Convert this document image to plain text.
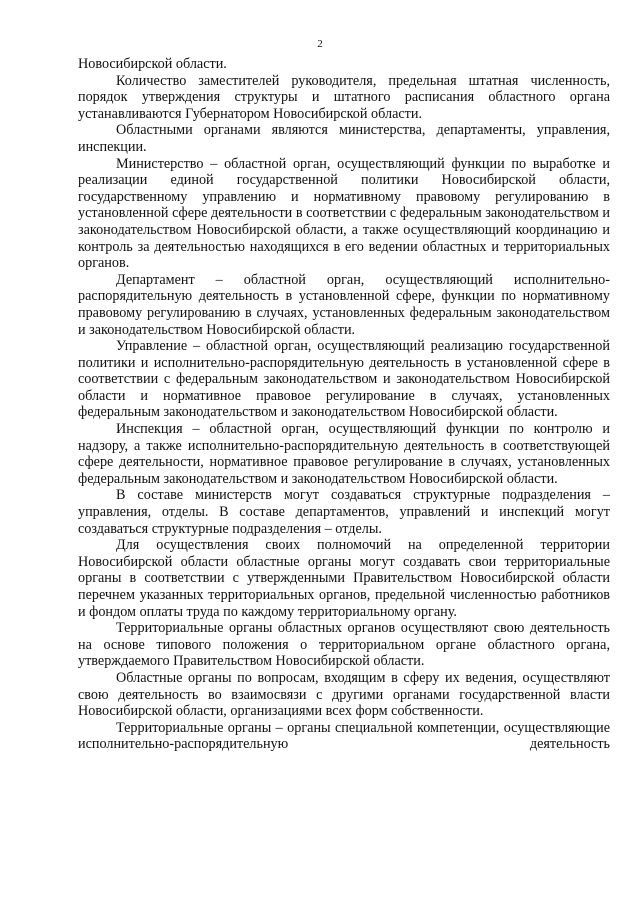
2

Новосибирской области.

Количество заместителей руководителя, предельная штатная численность, порядок утверждения структуры и штатного расписания областного органа устанавливаются Губернатором Новосибирской области.

Областными органами являются министерства, департаменты, управления, инспекции.

Министерство – областной орган, осуществляющий функции по выработке и реализации единой государственной политики Новосибирской области, государственному управлению и нормативному правовому регулированию в установленной сфере деятельности в соответствии с федеральным законодательством и законодательством Новосибирской области, а также осуществляющий координацию и контроль за деятельностью находящихся в его ведении областных и территориальных органов.

Департамент – областной орган, осуществляющий исполнительно-распорядительную деятельность в установленной сфере, функции по нормативному правовому регулированию в случаях, установленных федеральным законодательством и законодательством Новосибирской области.

Управление – областной орган, осуществляющий реализацию государственной политики и исполнительно-распорядительную деятельность в установленной сфере в соответствии с федеральным законодательством и законодательством Новосибирской области и нормативное правовое регулирование в случаях, установленных федеральным законодательством и законодательством Новосибирской области.

Инспекция – областной орган, осуществляющий функции по контролю и надзору, а также исполнительно-распорядительную деятельность в соответствующей сфере деятельности, нормативное правовое регулирование в случаях, установленных федеральным законодательством и законодательством Новосибирской области.

В составе министерств могут создаваться структурные подразделения – управления, отделы. В составе департаментов, управлений и инспекций могут создаваться структурные подразделения – отделы.

Для осуществления своих полномочий на определенной территории Новосибирской области областные органы могут создавать свои территориальные органы в соответствии с утвержденными Правительством Новосибирской области перечнем указанных территориальных органов, предельной численностью работников и фондом оплаты труда по каждому территориальному органу.

Территориальные органы областных органов осуществляют свою деятельность на основе типового положения о территориальном органе областного органа, утверждаемого Правительством Новосибирской области.

Областные органы по вопросам, входящим в сферу их ведения, осуществляют свою деятельность во взаимосвязи с другими органами государственной власти Новосибирской области, организациями всех форм собственности.

Территориальные органы – органы специальной компетенции, осуществляющие исполнительно-распорядительную деятельность
